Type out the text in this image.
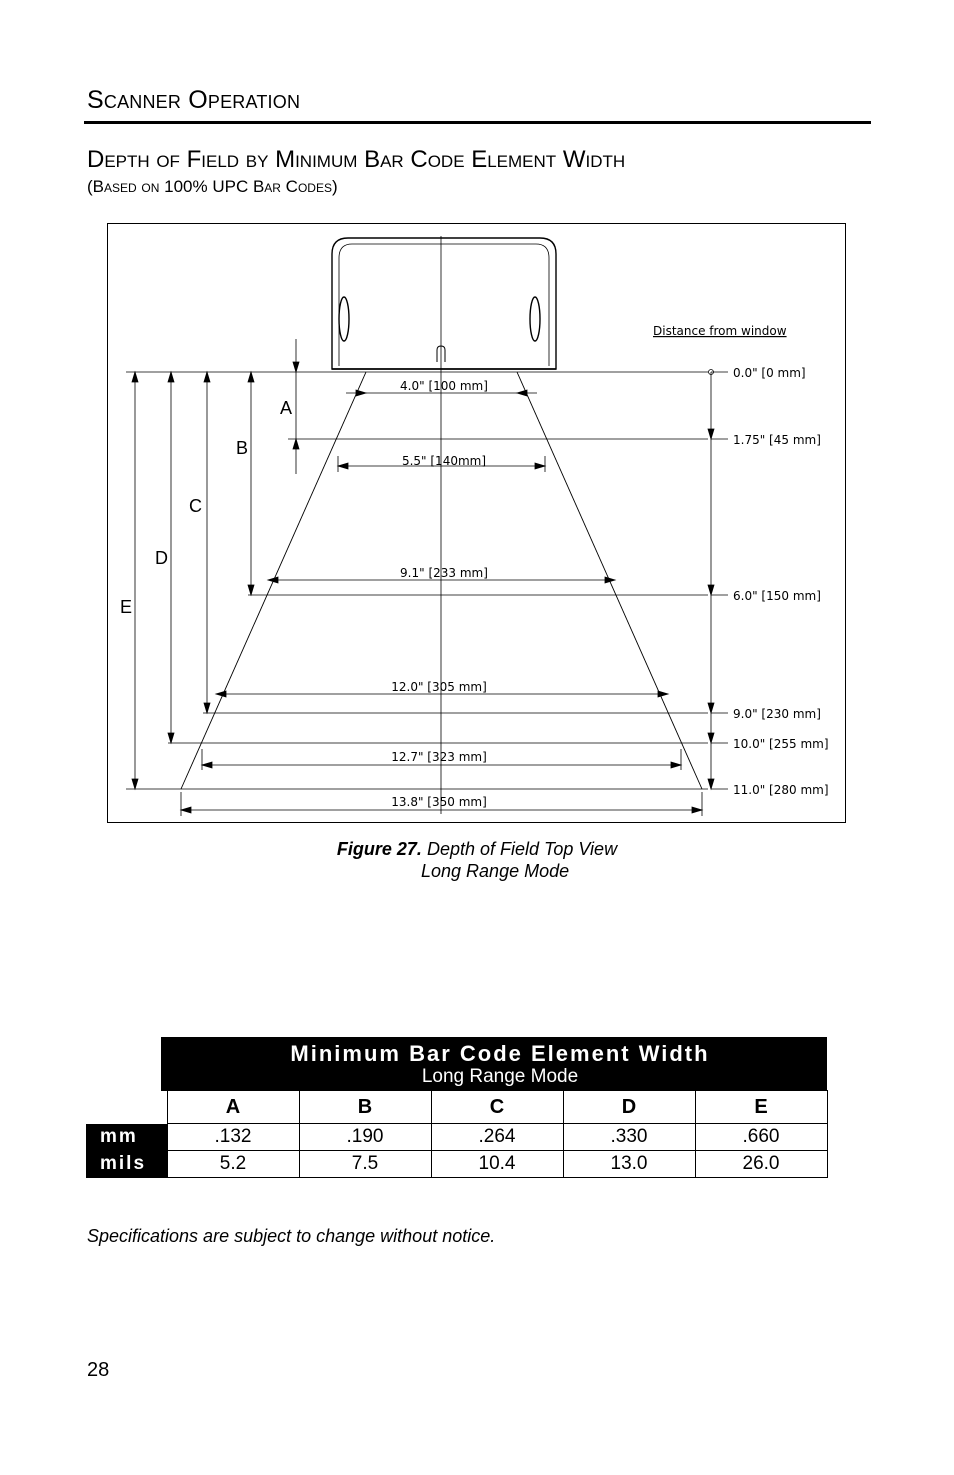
Scanner Operation
Depth of Field by Minimum Bar Code Element Width
(Based on 100% UPC Bar Codes)
A
B
C
D
E
4.0" [100 mm]
5.5" [140mm]
9.1" [233 mm]
12.0" [305 mm]
12.7" [323 mm]
13.8" [350 mm]
Distance from window
0.0" [0 mm]
1.75" [45 mm]
6.0" [150 mm]
9.0" [230 mm]
10.0" [255 mm]
11.0" [280 mm]
Figure 27. Depth of Field Top View
Long Range Mode

	Minimum Bar Code Element Width
Long Range Mode				

	A	B	C	D	E
mm	.132	.190	.264	.330	.660
mils	5.2	7.5	10.4	13.0	26.0
Specifications are subject to change without notice.
28
